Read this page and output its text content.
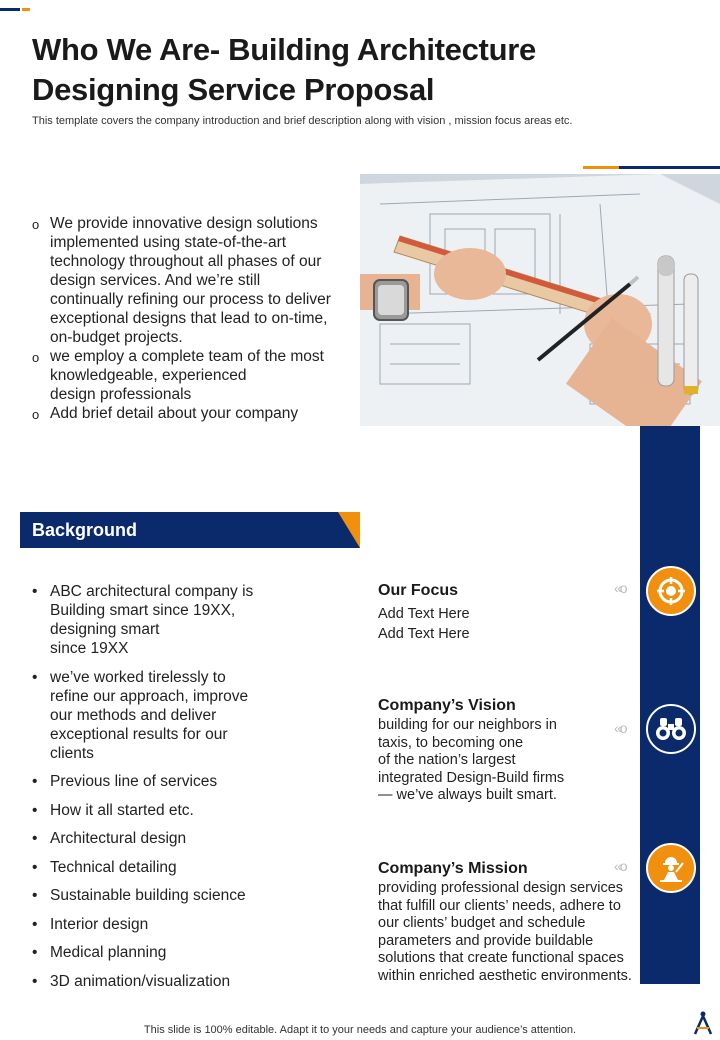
Who We Are- Building Architecture Designing Service Proposal

This template covers the company introduction and brief description along with vision , mission focus areas etc.

o We provide innovative design solutions
implemented using state-of-the-art
technology throughout all phases of our
design services. And we’re still
continually refining our process to deliver
exceptional designs that lead to on-time,
on-budget projects.
o we employ a complete team of the most
knowledgeable, experienced
design professionals
o Add brief detail about your company
Background
• ABC architectural company is
Building smart since 19XX,
designing smart
since 19XX
• we’ve worked tirelessly to
refine our approach, improve
our methods and deliver
exceptional results for our
clients
• Previous line of services
• How it all started etc.
• Architectural design
• Technical detailing
• Sustainable building science
• Interior design
• Medical planning
• 3D animation/visualization
Our Focus

Add Text Here
Add Text Here

Company’s Vision

building for our neighbors in
taxis, to becoming one
of the nation’s largest
integrated Design-Build firms
— we’ve always built smart.

Company’s Mission

providing professional design services
that fulfill our clients’ needs, adhere to
our clients’ budget and schedule
parameters and provide buildable
solutions that create functional spaces
within enriched aesthetic environments.

«o
«o
«o

This slide is 100% editable. Adapt it to your needs and capture your audience’s attention.
